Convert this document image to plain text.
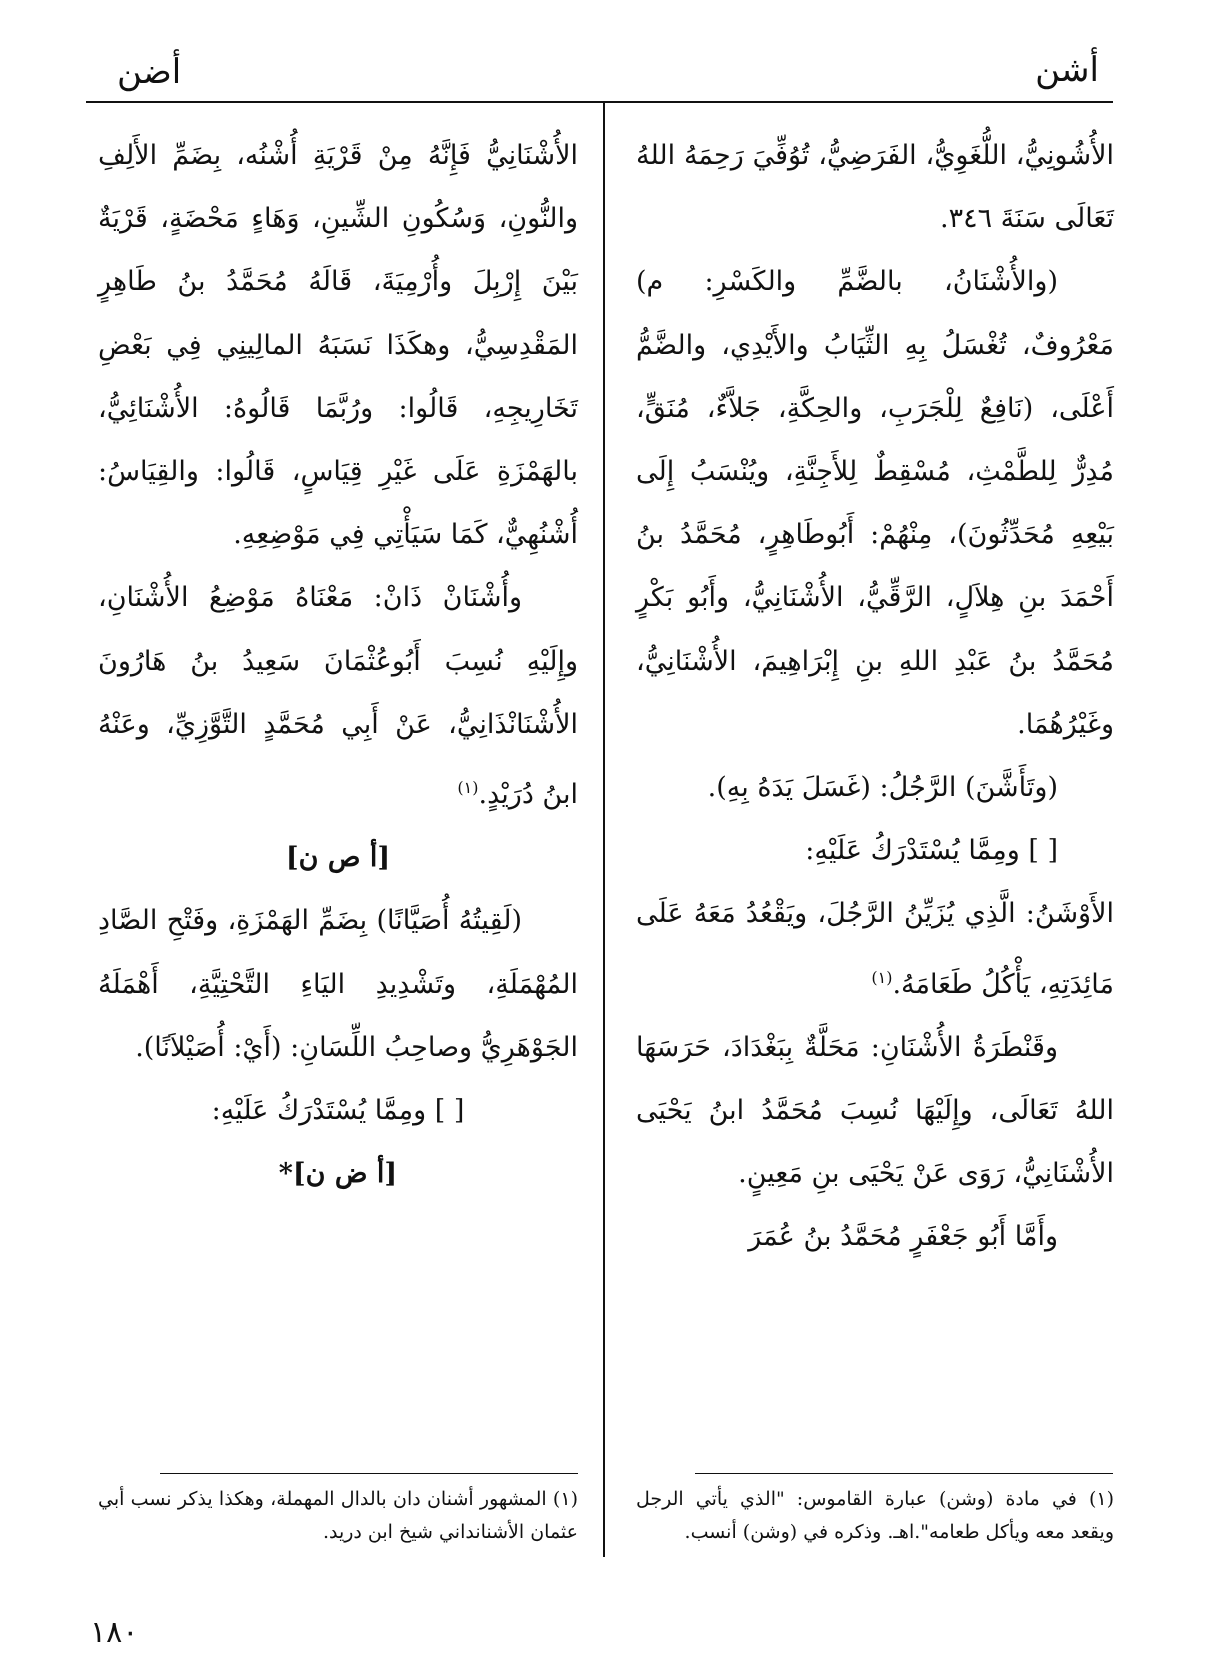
أشن
أضن

الأُشُونِيُّ، اللُّغَوِيُّ، الفَرَضِيُّ، تُوُفِّيَ رَحِمَهُ اللهُ تَعَالَى سَنَةَ ٣٤٦.

(والأُشْنَانُ، بالضَّمِّ والكَسْرِ: م) مَعْرُوفٌ، تُغْسَلُ بِهِ الثِّيَابُ والأَيْدِي، والضَّمُّ أَعْلَى، (نَافِعٌ لِلْجَرَبِ، والحِكَّةِ، جَلاَّءٌ، مُنَقٍّ، مُدِرٌّ لِلطَّمْثِ، مُسْقِطٌ لِلأَجِنَّةِ، ويُنْسَبُ إِلَى بَيْعِهِ مُحَدِّثُونَ)، مِنْهُمْ: أَبُوطَاهِرٍ، مُحَمَّدُ بنُ أَحْمَدَ بنِ هِلاَلٍ، الرَّقِّيُّ، الأُشْنَانِيُّ، وأَبُو بَكْرٍ مُحَمَّدُ بنُ عَبْدِ اللهِ بنِ إِبْرَاهِيمَ، الأُشْنَانِيُّ، وغَيْرُهُمَا.

(وتَأَشَّنَ) الرَّجُلُ: (غَسَلَ يَدَهُ بِهِ).

[ ] ومِمَّا يُسْتَدْرَكُ عَلَيْهِ:

الأَوْشَنُ: الَّذِي يُزَيِّنُ الرَّجُلَ، ويَقْعُدُ مَعَهُ عَلَى مَائِدَتِهِ، يَأْكُلُ طَعَامَهُ.$^{(١)}$

وقَنْطَرَةُ الأُشْنَانِ: مَحَلَّةٌ بِبَغْدَادَ، حَرَسَهَا اللهُ تَعَالَى، وإِلَيْهَا نُسِبَ مُحَمَّدُ ابنُ يَحْيَى الأُشْنَانِيُّ، رَوَى عَنْ يَحْيَى بنِ مَعِينٍ.

وأَمَّا أَبُو جَعْفَرٍ مُحَمَّدُ بنُ عُمَرَ

الأُشْنَانِيُّ فَإِنَّهُ مِنْ قَرْيَةِ أُشْنُه، بِضَمِّ الأَلِفِ والنُّونِ، وَسُكُونِ الشِّينِ، وَهَاءٍ مَحْضَةٍ، قَرْيَةٌ بَيْنَ إِرْبِلَ وأُرْمِيَةَ، قَالَهُ مُحَمَّدُ بنُ طَاهِرٍ المَقْدِسِيُّ، وهكَذَا نَسَبَهُ المالِينِي فِي بَعْضِ تَخَارِيجِهِ، قَالُوا: ورُبَّمَا قَالُوهُ: الأُشْنَائِيُّ، بالهَمْزَةِ عَلَى غَيْرِ قِيَاسٍ، قَالُوا: والقِيَاسُ: أُشْنُهِيٌّ، كَمَا سَيَأْتِي فِي مَوْضِعِهِ.

وأُشْنَانْ ذَانْ: مَعْنَاهُ مَوْضِعُ الأُشْنَانِ، وإِلَيْهِ نُسِبَ أَبُوعُثْمَانَ سَعِيدُ بنُ هَارُونَ الأُشْنَانْذَانِيُّ، عَنْ أَبِي مُحَمَّدٍ التَّوَّزِيِّ، وعَنْهُ ابنُ دُرَيْدٍ.$^{(١)}$

[أ ص ن]

(لَقِيتُهُ أُصَيَّانًا) بِضَمِّ الهَمْزَةِ، وفَتْحِ الصَّادِ المُهْمَلَةِ، وتَشْدِيدِ اليَاءِ التَّحْتِيَّةِ، أَهْمَلَهُ الجَوْهَرِيُّ وصاحِبُ اللِّسَانِ: (أَيْ: أُصَيْلاَنًا).

[ ] ومِمَّا يُسْتَدْرَكُ عَلَيْهِ:

[أ ض ن]*

(١) في مادة (وشن) عبارة القاموس: "الذي يأتي الرجل ويقعد معه ويأكل طعامه".اهـ. وذكره في (وشن) أنسب.

(١) المشهور أشنان دان بالدال المهملة، وهكذا يذكر نسب أبي عثمان الأشنانداني شيخ ابن دريد.

١٨٠
